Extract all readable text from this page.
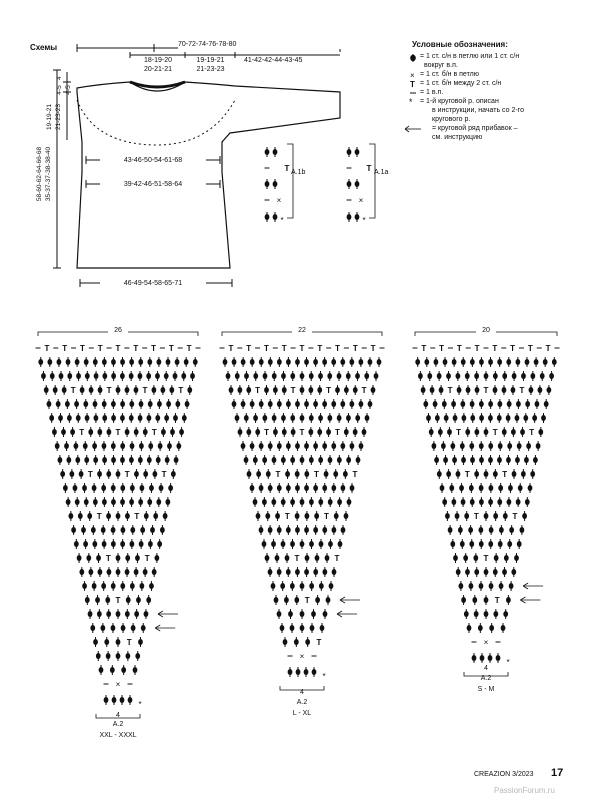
Схемы	70-72-74-76-78-80
18-19-20
20-21-21
19-19-21
21-23-23
41-42-42-44-43-45
4
4-5 4-5
19-19-21 21-23-23
58-60-62-64-66-68 35-37-37-38-38-40	43-46-50-54-61-68
39-42-46-51-58-64
46-49-54-58-65-71
Условные обозначения:
×
T
*
= 1 ст. с/н в петлю или 1 ст. с/н
вокруг в.п.
= 1 ст. б/н в петлю
= 1 ст. б/н между 2 ст. с/н
= 1 в.п.
= 1-й круговой р. описан
в инструкции, начать со 2-го
кругового р.
= круговой ряд прибавок –
см. инструкцию
T
×
*
T
×
*
A.1b	A.1a
T T T T T T T T T
T	T	T	T
T	T	T
T	T	T
T	T
T	T
T
T
×
*
T T T T T T T T T
T	T	T	T
T	T	T
T	T	T
T	T
T	T
T
T
×
*
T T T T T T T T
T	T	T
T	T	T
T	T
T	T
T
T
×
*
26
4
A.2
XXL - XXXL
22
4
A.2
L - XL
20
4
A.2
S - M
CREAZION 3/2023 17
PassionForum.ru
